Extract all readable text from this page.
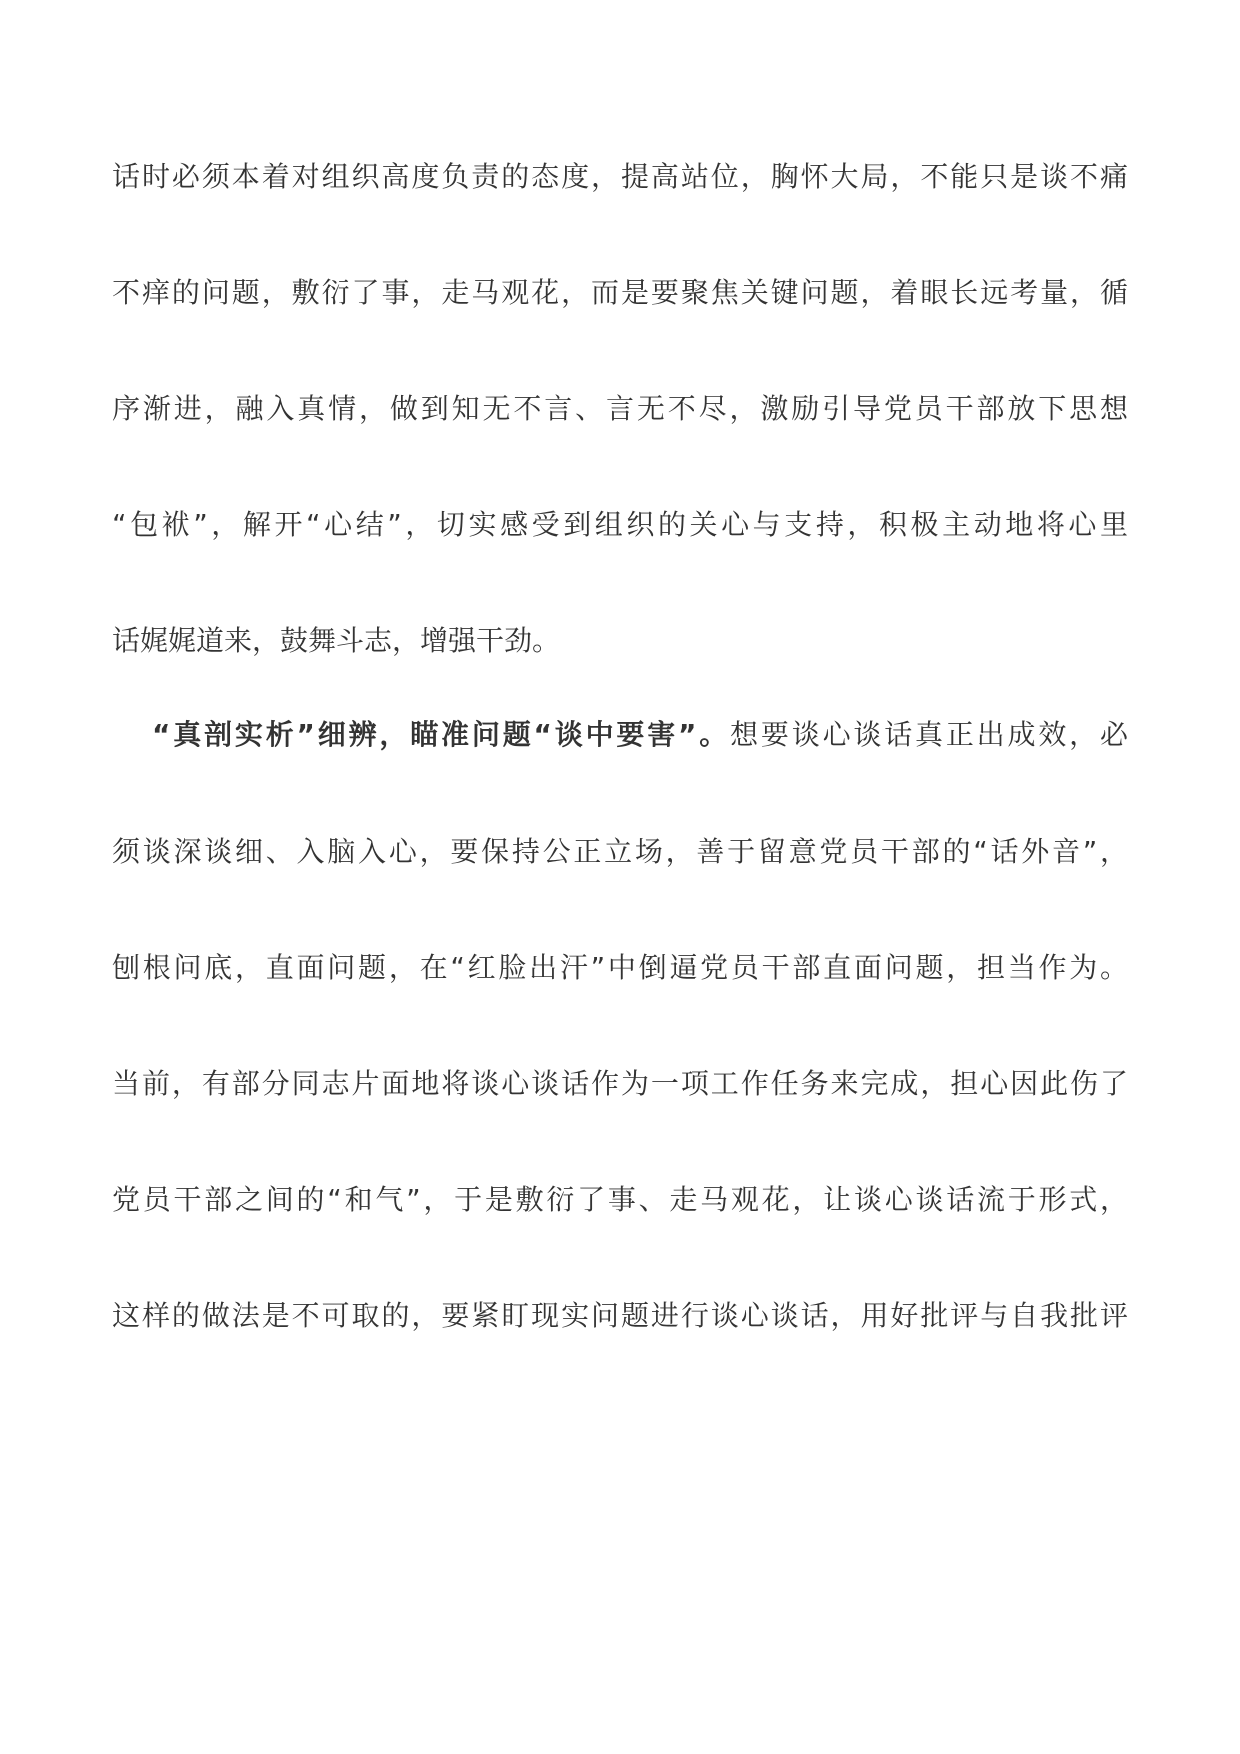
话时必须本着对组织高度负责的态度，提高站位，胸怀大局，不能只是谈不痛
不痒的问题，敷衍了事，走马观花，而是要聚焦关键问题，着眼长远考量，循
序渐进，融入真情，做到知无不言、言无不尽，激励引导党员干部放下思想
“包袱”，解开“心结”，切实感受到组织的关心与支持，积极主动地将心里
话娓娓道来，鼓舞斗志，增强干劲。
“真剖实析”细辨，瞄准问题“谈中要害”。想要谈心谈话真正出成效，必
须谈深谈细、入脑入心，要保持公正立场，善于留意党员干部的“话外音”，
刨根问底，直面问题，在“红脸出汗”中倒逼党员干部直面问题，担当作为。
当前，有部分同志片面地将谈心谈话作为一项工作任务来完成，担心因此伤了
党员干部之间的“和气”，于是敷衍了事、走马观花，让谈心谈话流于形式，
这样的做法是不可取的，要紧盯现实问题进行谈心谈话，用好批评与自我批评
